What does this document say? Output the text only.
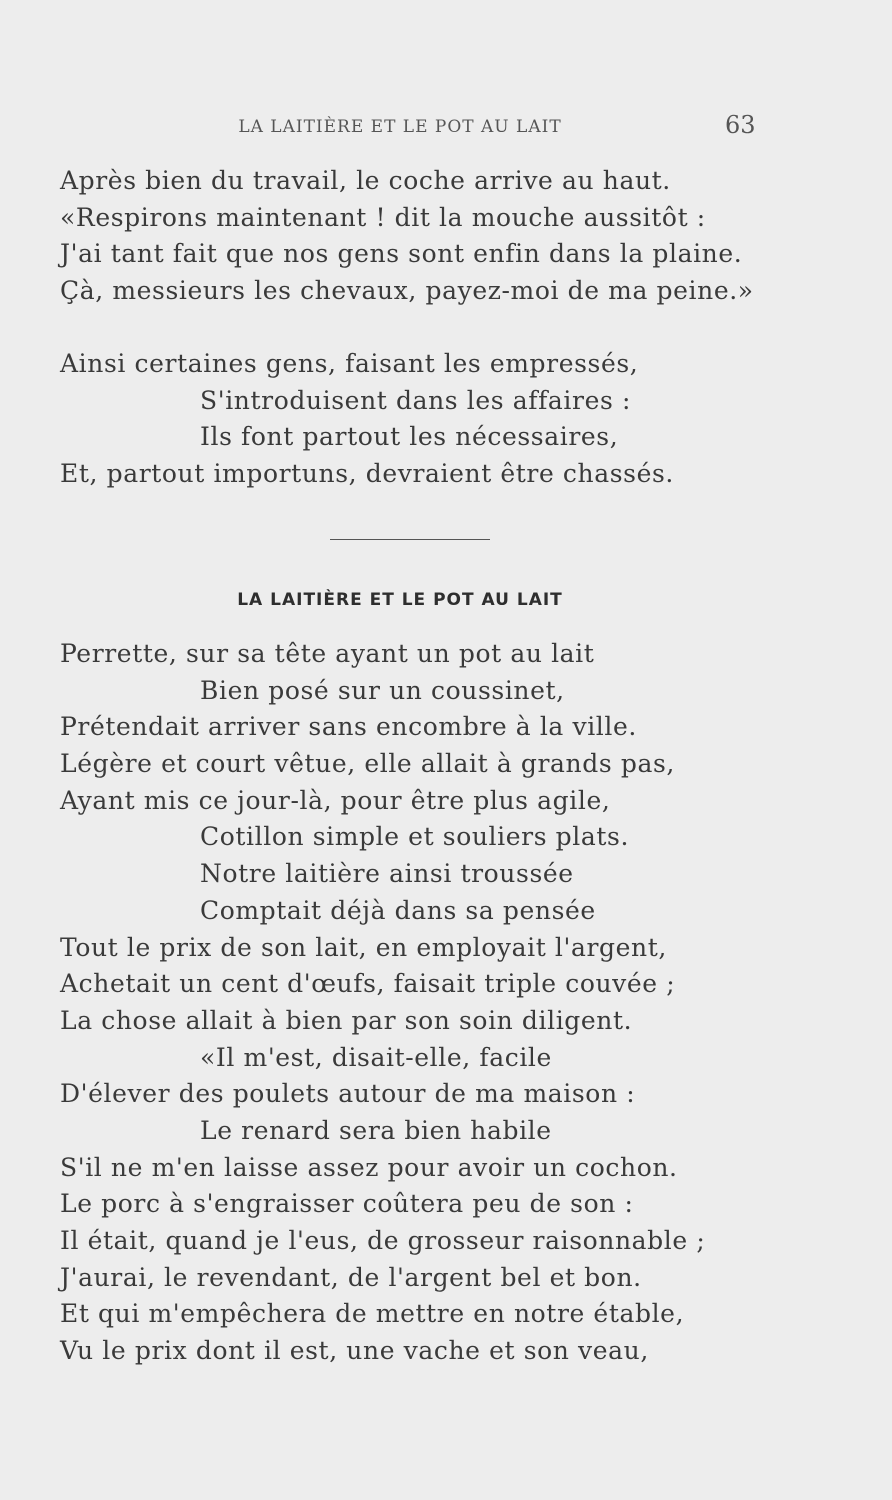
LA LAITIÈRE ET LE POT AU LAIT	63
Après bien du travail, le coche arrive au haut.
«Respirons maintenant ! dit la mouche aussitôt :
J'ai tant fait que nos gens sont enfin dans la plaine.
Çà, messieurs les chevaux, payez-moi de ma peine.»
Ainsi certaines gens, faisant les empressés,
S'introduisent dans les affaires :
Ils font partout les nécessaires,
Et, partout importuns, devraient être chassés.
LA LAITIÈRE ET LE POT AU LAIT
Perrette, sur sa tête ayant un pot au lait
Bien posé sur un coussinet,
Prétendait arriver sans encombre à la ville.
Légère et court vêtue, elle allait à grands pas,
Ayant mis ce jour-là, pour être plus agile,
Cotillon simple et souliers plats.
Notre laitière ainsi troussée
Comptait déjà dans sa pensée
Tout le prix de son lait, en employait l'argent,
Achetait un cent d'œufs, faisait triple couvée ;
La chose allait à bien par son soin diligent.
«Il m'est, disait-elle, facile
D'élever des poulets autour de ma maison :
Le renard sera bien habile
S'il ne m'en laisse assez pour avoir un cochon.
Le porc à s'engraisser coûtera peu de son :
Il était, quand je l'eus, de grosseur raisonnable ;
J'aurai, le revendant, de l'argent bel et bon.
Et qui m'empêchera de mettre en notre étable,
Vu le prix dont il est, une vache et son veau,
